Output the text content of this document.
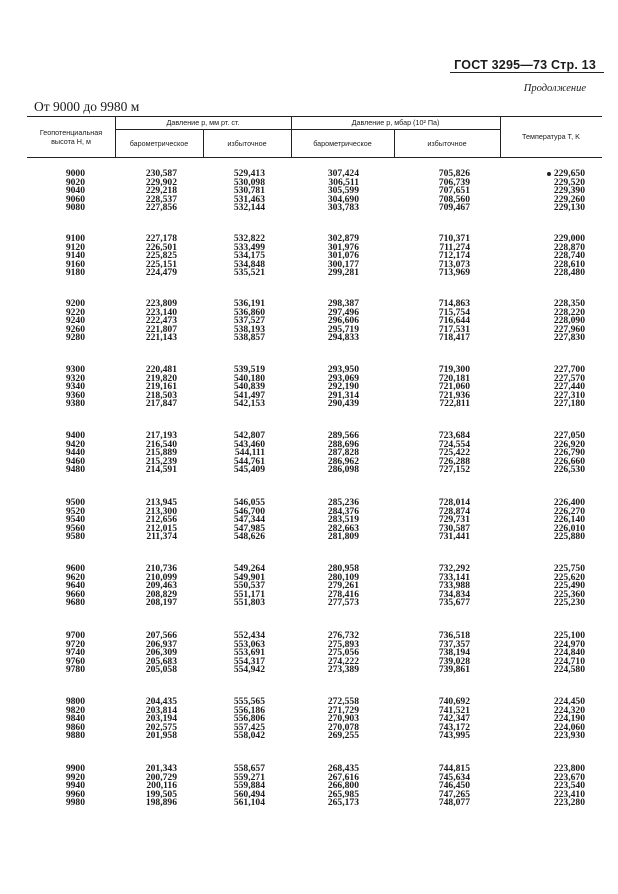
ГОСТ 3295—73 Стр. 13
Продолжение
От 9000 до 9980 м
Геопотенциальная
высота H, м
Давление p, мм рт. ст.	Давление p, мбар (10² Па)
барометрическое	избыточное	барометрическое	избыточное
Температура T, K
9000	230,587	529,413	307,424	705,826	229,650
9020	229,902	530,098	306,511	706,739	229,520
9040	229,218	530,781	305,599	707,651	229,390
9060	228,537	531,463	304,690	708,560	229,260
9080	227,856	532,144	303,783	709,467	229,130
9100	227,178	532,822	302,879	710,371	229,000
9120	226,501	533,499	301,976	711,274	228,870
9140	225,825	534,175	301,076	712,174	228,740
9160	225,151	534,848	300,177	713,073	228,610
9180	224,479	535,521	299,281	713,969	228,480
9200	223,809	536,191	298,387	714,863	228,350
9220	223,140	536,860	297,496	715,754	228,220
9240	222,473	537,527	296,606	716,644	228,090
9260	221,807	538,193	295,719	717,531	227,960
9280	221,143	538,857	294,833	718,417	227,830
9300	220,481	539,519	293,950	719,300	227,700
9320	219,820	540,180	293,069	720,181	227,570
9340	219,161	540,839	292,190	721,060	227,440
9360	218,503	541,497	291,314	721,936	227,310
9380	217,847	542,153	290,439	722,811	227,180
9400	217,193	542,807	289,566	723,684	227,050
9420	216,540	543,460	288,696	724,554	226,920
9440	215,889	544,111	287,828	725,422	226,790
9460	215,239	544,761	286,962	726,288	226,660
9480	214,591	545,409	286,098	727,152	226,530
9500	213,945	546,055	285,236	728,014	226,400
9520	213,300	546,700	284,376	728,874	226,270
9540	212,656	547,344	283,519	729,731	226,140
9560	212,015	547,985	282,663	730,587	226,010
9580	211,374	548,626	281,809	731,441	225,880
9600	210,736	549,264	280,958	732,292	225,750
9620	210,099	549,901	280,109	733,141	225,620
9640	209,463	550,537	279,261	733,988	225,490
9660	208,829	551,171	278,416	734,834	225,360
9680	208,197	551,803	277,573	735,677	225,230
9700	207,566	552,434	276,732	736,518	225,100
9720	206,937	553,063	275,893	737,357	224,970
9740	206,309	553,691	275,056	738,194	224,840
9760	205,683	554,317	274,222	739,028	224,710
9780	205,058	554,942	273,389	739,861	224,580
9800	204,435	555,565	272,558	740,692	224,450
9820	203,814	556,186	271,729	741,521	224,320
9840	203,194	556,806	270,903	742,347	224,190
9860	202,575	557,425	270,078	743,172	224,060
9880	201,958	558,042	269,255	743,995	223,930
9900	201,343	558,657	268,435	744,815	223,800
9920	200,729	559,271	267,616	745,634	223,670
9940	200,116	559,884	266,800	746,450	223,540
9960	199,505	560,494	265,985	747,265	223,410
9980	198,896	561,104	265,173	748,077	223,280
